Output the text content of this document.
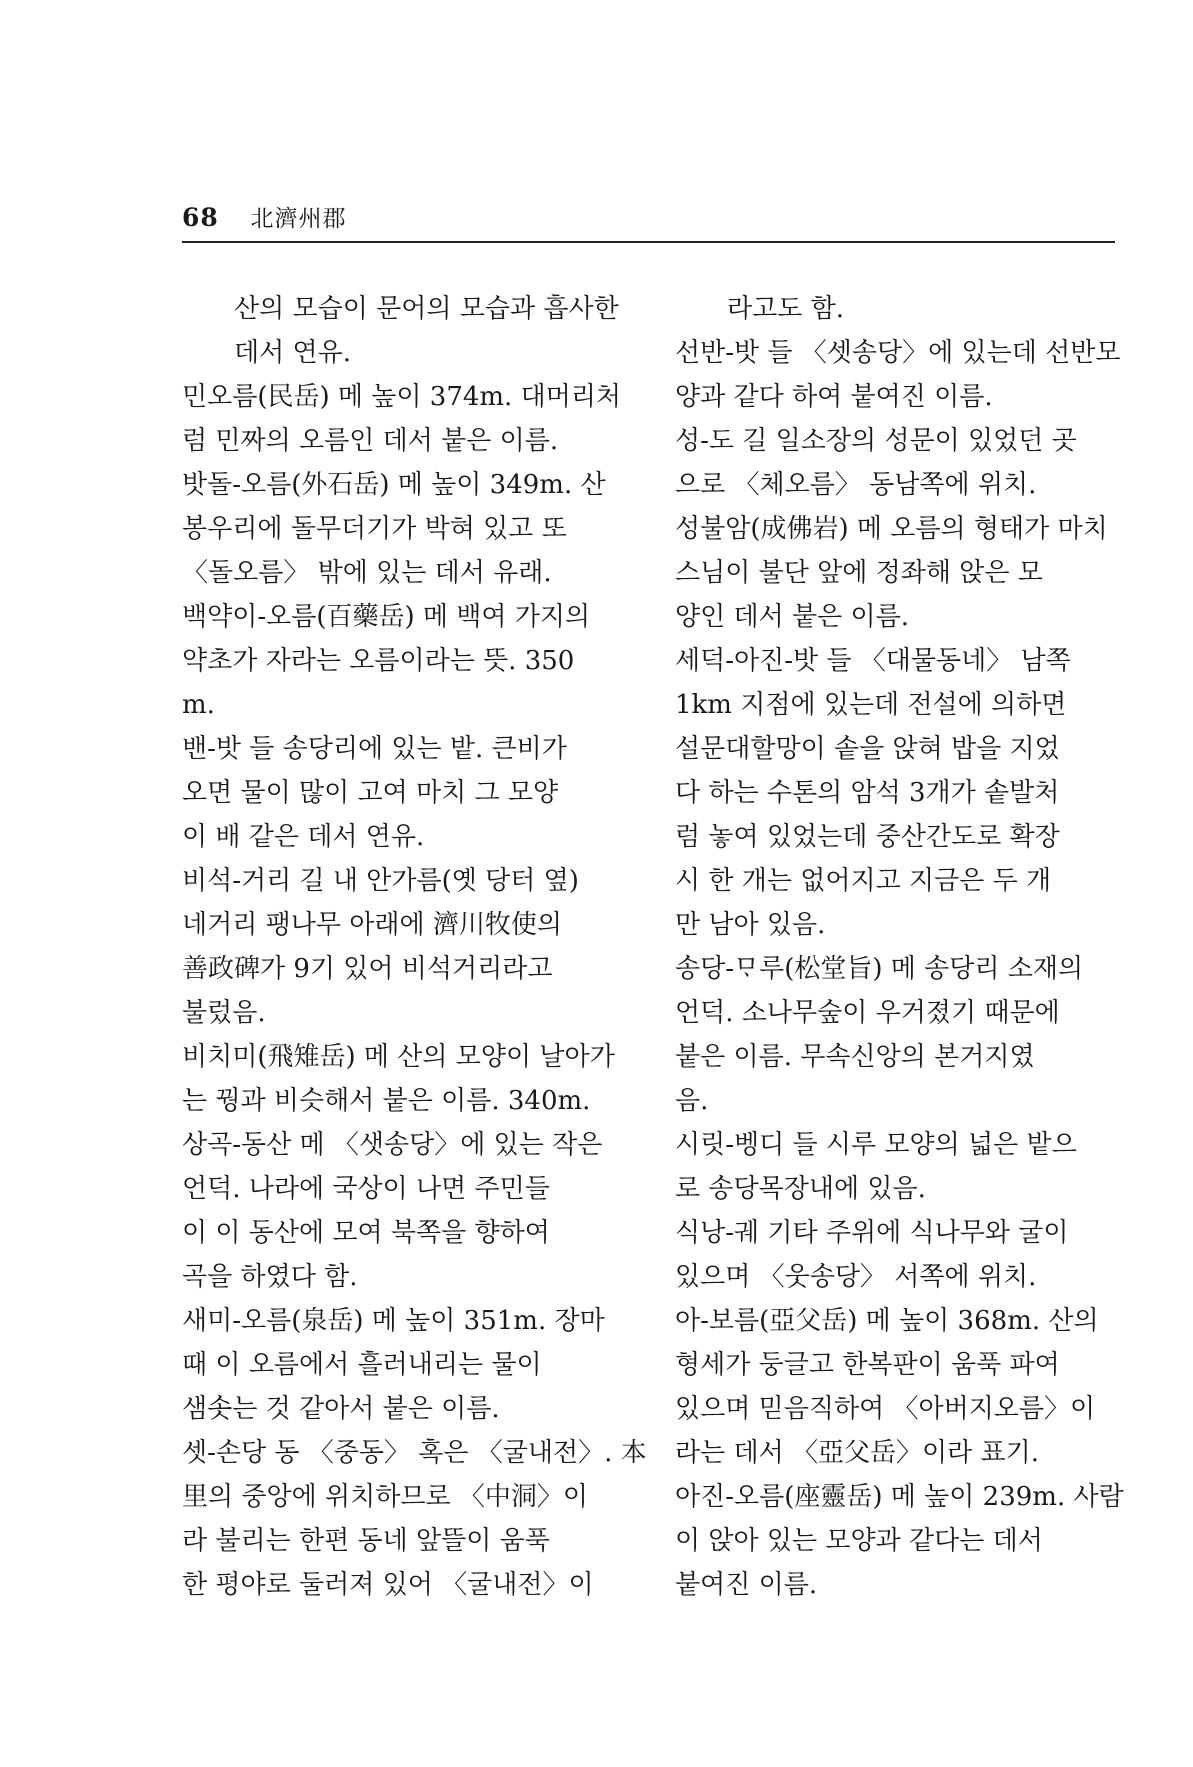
68 北濟州郡
산의 모습이 문어의 모습과 흡사한
데서 연유.
민오름(民岳) 메 높이 374m. 대머리처
럼 민짜의 오름인 데서 붙은 이름.
밧돌-오름(外石岳) 메 높이 349m. 산
봉우리에 돌무더기가 박혀 있고 또
〈돌오름〉 밖에 있는 데서 유래.
백약이-오름(百藥岳) 메 백여 가지의
약초가 자라는 오름이라는 뜻. 350
m.
밴-밧 들 송당리에 있는 밭. 큰비가
오면 물이 많이 고여 마치 그 모양
이 배 같은 데서 연유.
비석-거리 길 내 안가름(옛 당터 옆)
네거리 팽나무 아래에 濟川牧使의
善政碑가 9기 있어 비석거리라고
불렀음.
비치미(飛雉岳) 메 산의 모양이 날아가
는 꿩과 비슷해서 붙은 이름. 340m.
상곡-동산 메 〈샛송당〉에 있는 작은
언덕. 나라에 국상이 나면 주민들
이 이 동산에 모여 북쪽을 향하여
곡을 하였다 함.
새미-오름(泉岳) 메 높이 351m. 장마
때 이 오름에서 흘러내리는 물이
샘솟는 것 같아서 붙은 이름.
셋-손당 동 〈중동〉 혹은 〈굴내전〉. 本
里의 중앙에 위치하므로 〈中洞〉이
라 불리는 한편 동네 앞뜰이 움푹
한 평야로 둘러져 있어 〈굴내전〉이
라고도 함.
선반-밧 들 〈셋송당〉에 있는데 선반모
양과 같다 하여 붙여진 이름.
성-도 길 일소장의 성문이 있었던 곳
으로 〈체오름〉 동남쪽에 위치.
성불암(成佛岩) 메 오름의 형태가 마치
스님이 불단 앞에 정좌해 앉은 모
양인 데서 붙은 이름.
세덕-아진-밧 들 〈대물동네〉 남쪽
1km 지점에 있는데 전설에 의하면
설문대할망이 솥을 앉혀 밥을 지었
다 하는 수톤의 암석 3개가 솥발처
럼 놓여 있었는데 중산간도로 확장
시 한 개는 없어지고 지금은 두 개
만 남아 있음.
송당-ᄆᆞ루(松堂旨) 메 송당리 소재의
언덕. 소나무숲이 우거졌기 때문에
붙은 이름. 무속신앙의 본거지였
음.
시릿-벵디 들 시루 모양의 넓은 밭으
로 송당목장내에 있음.
식낭-궤 기타 주위에 식나무와 굴이
있으며 〈웃송당〉 서쪽에 위치.
아-보름(亞父岳) 메 높이 368m. 산의
형세가 둥글고 한복판이 움푹 파여
있으며 믿음직하여 〈아버지오름〉이
라는 데서 〈亞父岳〉이라 표기.
아진-오름(座靈岳) 메 높이 239m. 사람
이 앉아 있는 모양과 같다는 데서
붙여진 이름.
